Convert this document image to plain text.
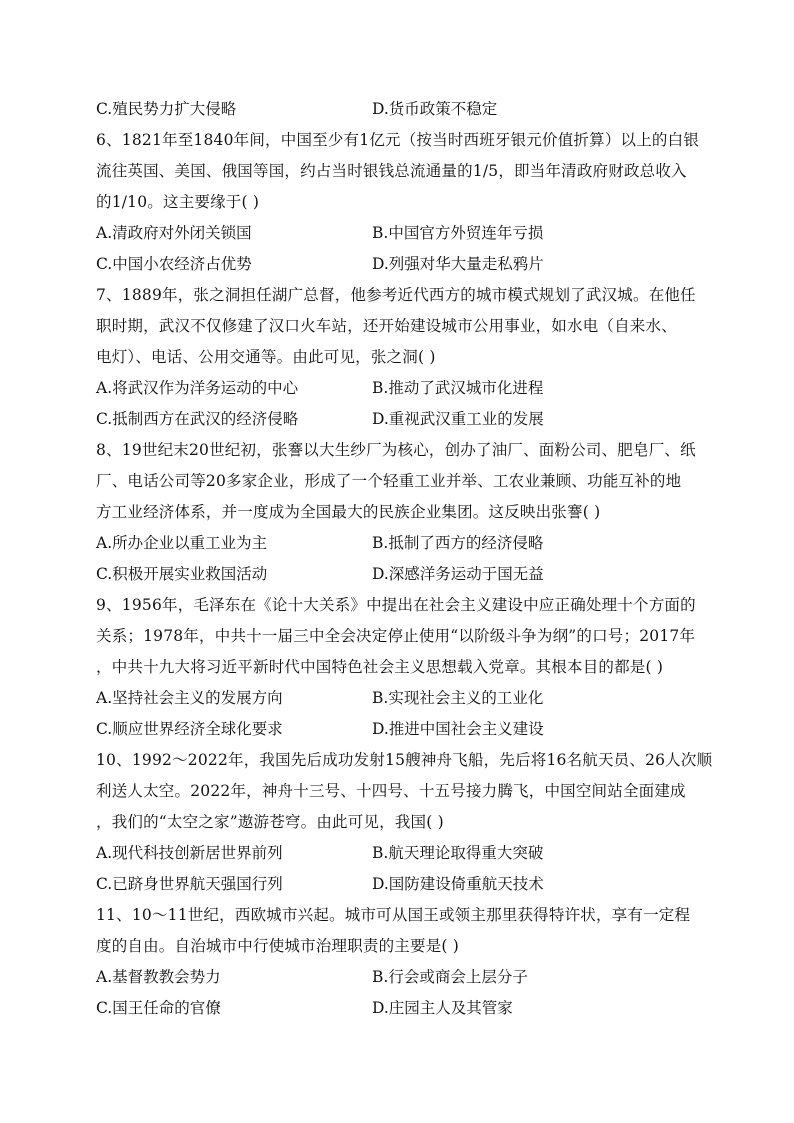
C.殖民势力扩大侵略	D.货币政策不稳定
6、1821年至1840年间，中国至少有1亿元（按当时西班牙银元价值折算）以上的白银
流往英国、美国、俄国等国，约占当时银钱总流通量的1/5，即当年清政府财政总收入
的1/10。这主要缘于( )
A.清政府对外闭关锁国	B.中国官方外贸连年亏损
C.中国小农经济占优势	D.列强对华大量走私鸦片
7、1889年，张之洞担任湖广总督，他参考近代西方的城市模式规划了武汉城。在他任
职时期，武汉不仅修建了汉口火车站，还开始建设城市公用事业，如水电（自来水、
电灯）、电话、公用交通等。由此可见，张之洞( )
A.将武汉作为洋务运动的中心	B.推动了武汉城市化进程
C.抵制西方在武汉的经济侵略	D.重视武汉重工业的发展
8、19世纪末20世纪初，张謇以大生纱厂为核心，创办了油厂、面粉公司、肥皂厂、纸
厂、电话公司等20多家企业，形成了一个轻重工业并举、工农业兼顾、功能互补的地
方工业经济体系，并一度成为全国最大的民族企业集团。这反映出张謇( )
A.所办企业以重工业为主	B.抵制了西方的经济侵略
C.积极开展实业救国活动	D.深感洋务运动于国无益
9、1956年，毛泽东在《论十大关系》中提出在社会主义建设中应正确处理十个方面的
关系；1978年，中共十一届三中全会决定停止使用“以阶级斗争为纲”的口号；2017年
，中共十九大将习近平新时代中国特色社会主义思想载入党章。其根本目的都是( )
A.坚持社会主义的发展方向	B.实现社会主义的工业化
C.顺应世界经济全球化要求	D.推进中国社会主义建设
10、1992～2022年，我国先后成功发射15艘神舟飞船，先后将16名航天员、26人次顺
利送人太空。2022年，神舟十三号、十四号、十五号接力腾飞，中国空间站全面建成
，我们的“太空之家”遨游苍穹。由此可见，我国( )
A.现代科技创新居世界前列	B.航天理论取得重大突破
C.已跻身世界航天强国行列	D.国防建设倚重航天技术
11、10～11世纪，西欧城市兴起。城市可从国王或领主那里获得特许状，享有一定程
度的自由。自治城市中行使城市治理职责的主要是( )
A.基督教教会势力	B.行会或商会上层分子
C.国王任命的官僚	D.庄园主人及其管家
